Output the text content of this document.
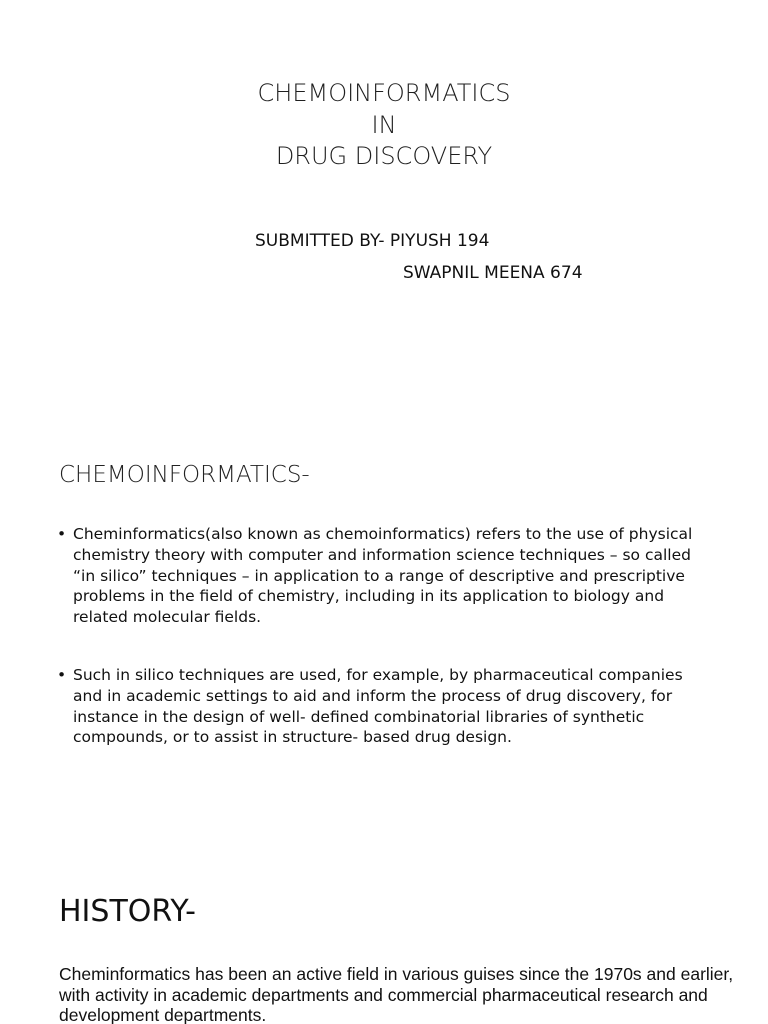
CHEMOINFORMATICS
IN
DRUG DISCOVERY
SUBMITTED BY- PIYUSH 194
SWAPNIL MEENA 674
CHEMOINFORMATICS-
• Cheminformatics(also known as chemoinformatics) refers to the use of physical chemistry theory with computer and information science techniques – so called “in silico” techniques – in application to a range of descriptive and prescriptive problems in the field of chemistry, including in its application to biology and related molecular fields.
• Such in silico techniques are used, for example, by pharmaceutical companies and in academic settings to aid and inform the process of drug discovery, for instance in the design of well- defined combinatorial libraries of synthetic compounds, or to assist in structure- based drug design.
HISTORY-
Cheminformatics has been an active field in various guises since the 1970s and earlier, with activity in academic departments and commercial pharmaceutical research and development departments.
